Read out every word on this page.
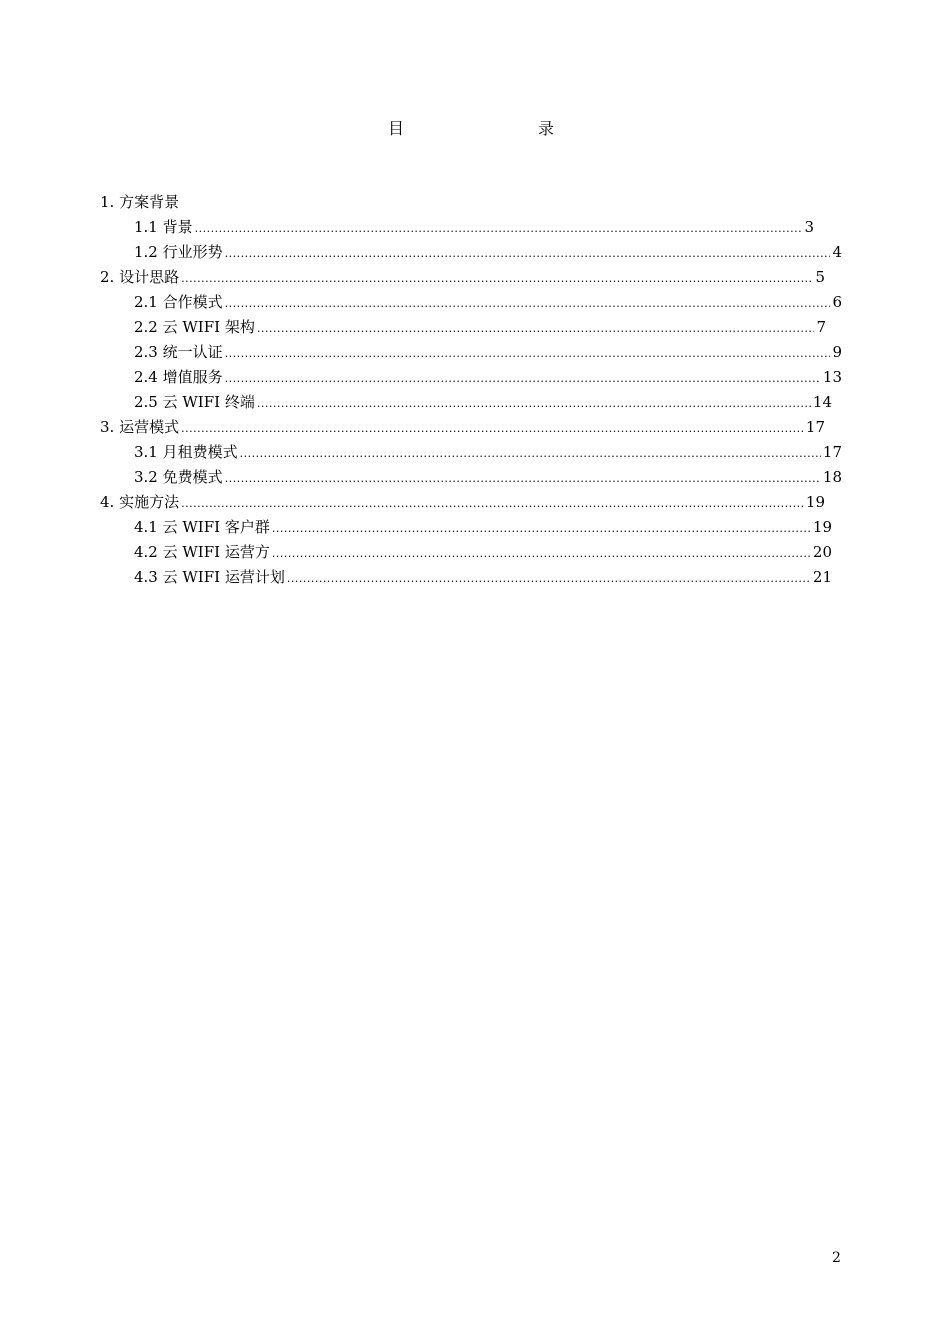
目	录
1. 方案背景
1.1 背景 .....	3
1.2 行业形势 .....	4
2. 设计思路 .....	5
2.1 合作模式 .....	6
2.2 云 WIFI 架构 .....	7
2.3 统一认证 .....	9
2.4 增值服务 .....	13
2.5 云 WIFI 终端 .....	14
3. 运营模式 .....	17
3.1 月租费模式 .....	17
3.2 免费模式 .....	18
4. 实施方法 .....	19
4.1 云 WIFI 客户群 .....	19
4.2 云 WIFI 运营方 .....	20
4.3 云 WIFI 运营计划 .....	21
2
